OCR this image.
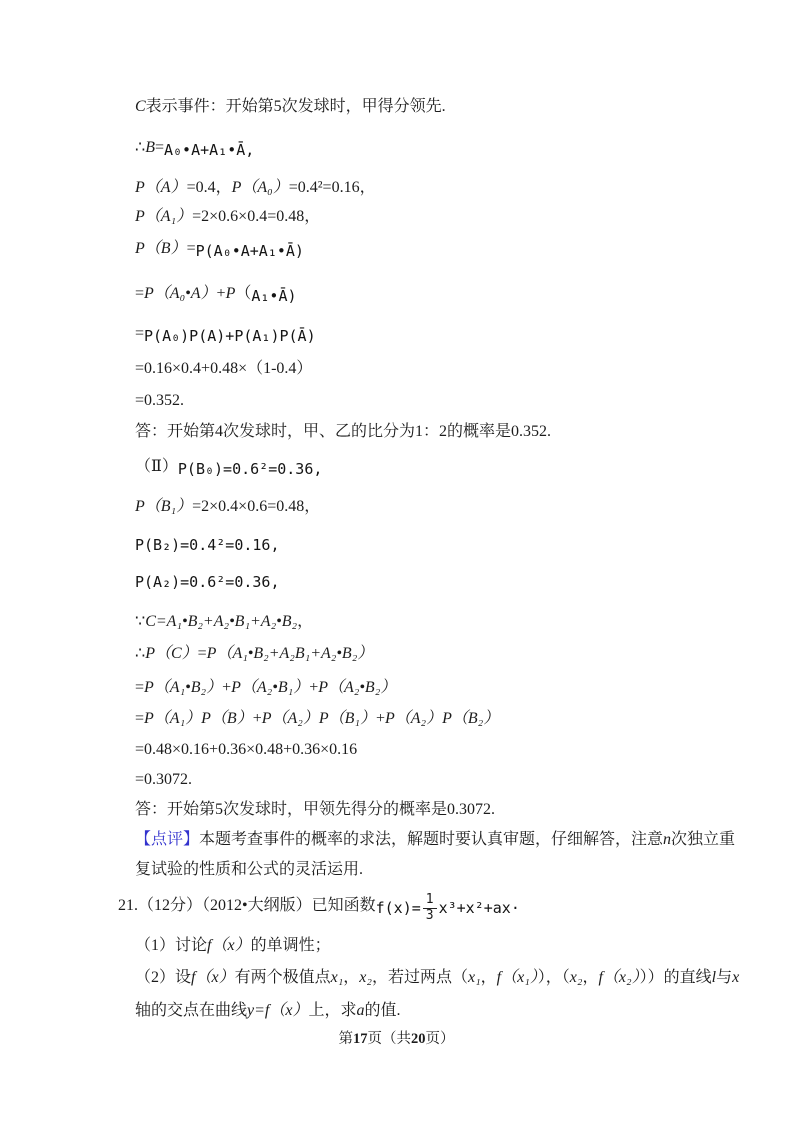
C表示事件：开始第5次发球时，甲得分领先.
∴B=A₀•A+A₁•Ā,
P（A）=0.4，P（A₀）=0.4²=0.16，
P（A₁）=2×0.6×0.4=0.48，
P（B）=P(A₀•A+A₁•Ā)
=P（A₀•A）+P（A₁•Ā)
=P(A₀)P(A)+P(A₁)P(Ā)
=0.16×0.4+0.48×（1-0.4）
=0.352.
答：开始第4次发球时，甲、乙的比分为1：2的概率是0.352.
（Ⅱ）P(B₀)=0.6²=0.36,
P（B₁）=2×0.4×0.6=0.48，
P(B₂)=0.4²=0.16,
P(A₂)=0.6²=0.36,
∵C=A₁•B₂+A₂•B₁+A₂•B₂，
∴P（C）=P（A₁•B₂+A₂B₁+A₂•B₂）
=P（A₁•B₂）+P（A₂•B₁）+P（A₂•B₂）
=P（A₁）P（B）+P（A₂）P（B₁）+P（A₂）P（B₂）
=0.48×0.16+0.36×0.48+0.36×0.16
=0.3072.
答：开始第5次发球时，甲领先得分的概率是0.3072.
【点评】本题考查事件的概率的求法，解题时要认真审题，仔细解答，注意n次独立重
复试验的性质和公式的灵活运用.
21.（12分）（2012•大纲版）已知函数$f(x)= \frac{1}{3} x^3+x^2+ax\cdot$
（1）讨论f（x）的单调性；
（2）设f（x）有两个极值点x₁，x₂，若过两点（x₁，f（x₁）），（x₂，f（x₂）））的直线l与x
轴的交点在曲线y=f（x）上，求a的值.
第17页（共20页）
